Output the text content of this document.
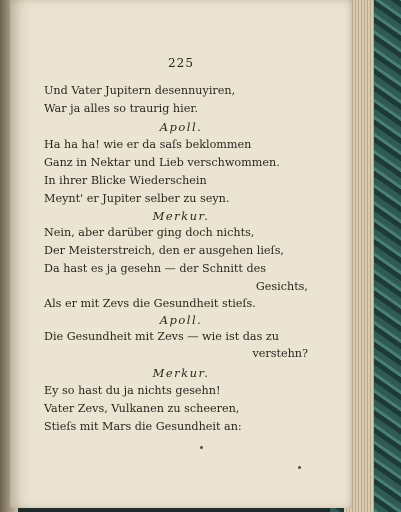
225
Und Vater Jupitern desennuyiren,
War ja alles so traurig hier.
Apoll.
Ha ha ha! wie er da saſs beklommen
Ganz in Nektar und Lieb verschwommen.
In ihrer Blicke Wiederschein
Meynt' er Jupiter selber zu seyn.
Merkur.
Nein, aber darüber ging doch nichts,
Der Meisterstreich, den er ausgehen lieſs,
Da hast es ja gesehn — der Schnitt des
Gesichts,
Als er mit Zevs die Gesundheit stieſs.
Apoll.
Die Gesundheit mit Zevs — wie ist das zu
verstehn?
Merkur.
Ey so hast du ja nichts gesehn!
Vater Zevs, Vulkanen zu scheeren,
Stieſs mit Mars die Gesundheit an:
